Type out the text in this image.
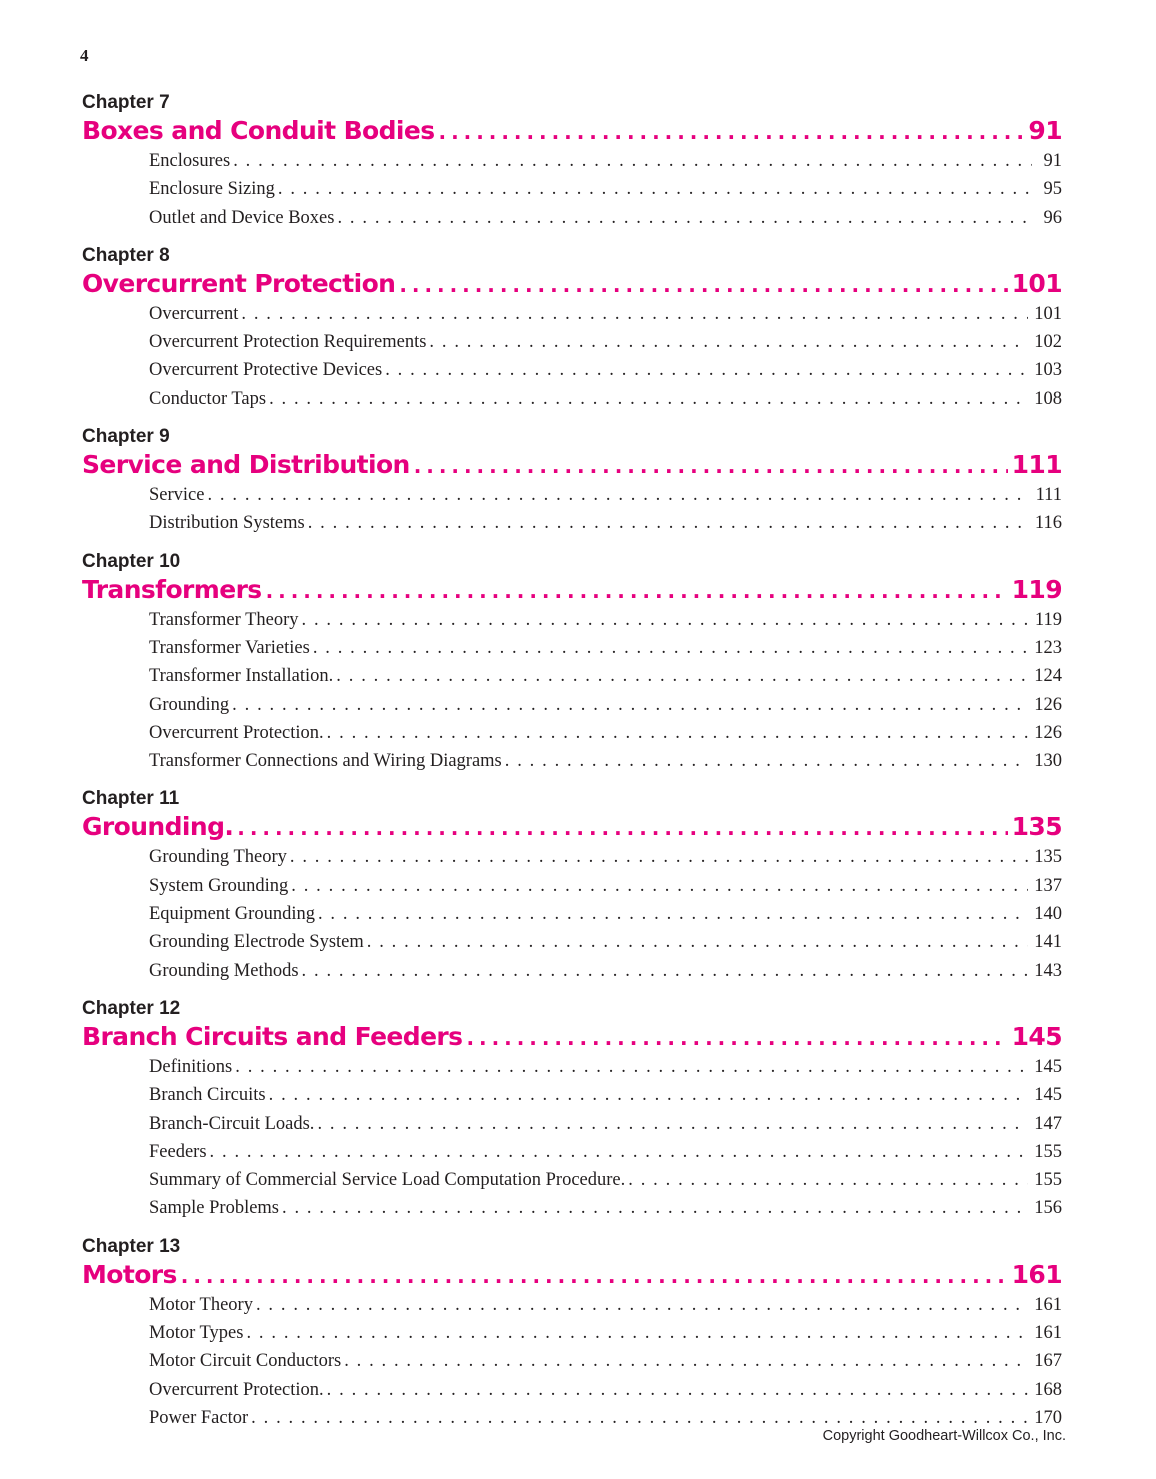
4
Chapter 7
Boxes and Conduit Bodies . . .	91
Enclosures . . .	91
Enclosure Sizing . . .	95
Outlet and Device Boxes . . .	96
Chapter 8
Overcurrent Protection . . .	101
Overcurrent . . .	101
Overcurrent Protection Requirements . . .	102
Overcurrent Protective Devices . . .	103
Conductor Taps . . .	108
Chapter 9
Service and Distribution . . .	111
Service . . .	111
Distribution Systems . . .	116
Chapter 10
Transformers . . .	119
Transformer Theory . . .	119
Transformer Varieties . . .	123
Transformer Installation. . . .	124
Grounding . . .	126
Overcurrent Protection. . . .	126
Transformer Connections and Wiring Diagrams . . .	130
Chapter 11
Grounding. . . .	135
Grounding Theory . . .	135
System Grounding . . .	137
Equipment Grounding . . .	140
Grounding Electrode System . . .	141
Grounding Methods . . .	143
Chapter 12
Branch Circuits and Feeders . . .	145
Definitions . . .	145
Branch Circuits . . .	145
Branch-Circuit Loads. . . .	147
Feeders . . .	155
Summary of Commercial Service Load Computation Procedure. . . .	155
Sample Problems . . .	156
Chapter 13
Motors . . .	161
Motor Theory . . .	161
Motor Types . . .	161
Motor Circuit Conductors . . .	167
Overcurrent Protection. . . .	168
Power Factor . . .	170
Copyright Goodheart-Willcox Co., Inc.
